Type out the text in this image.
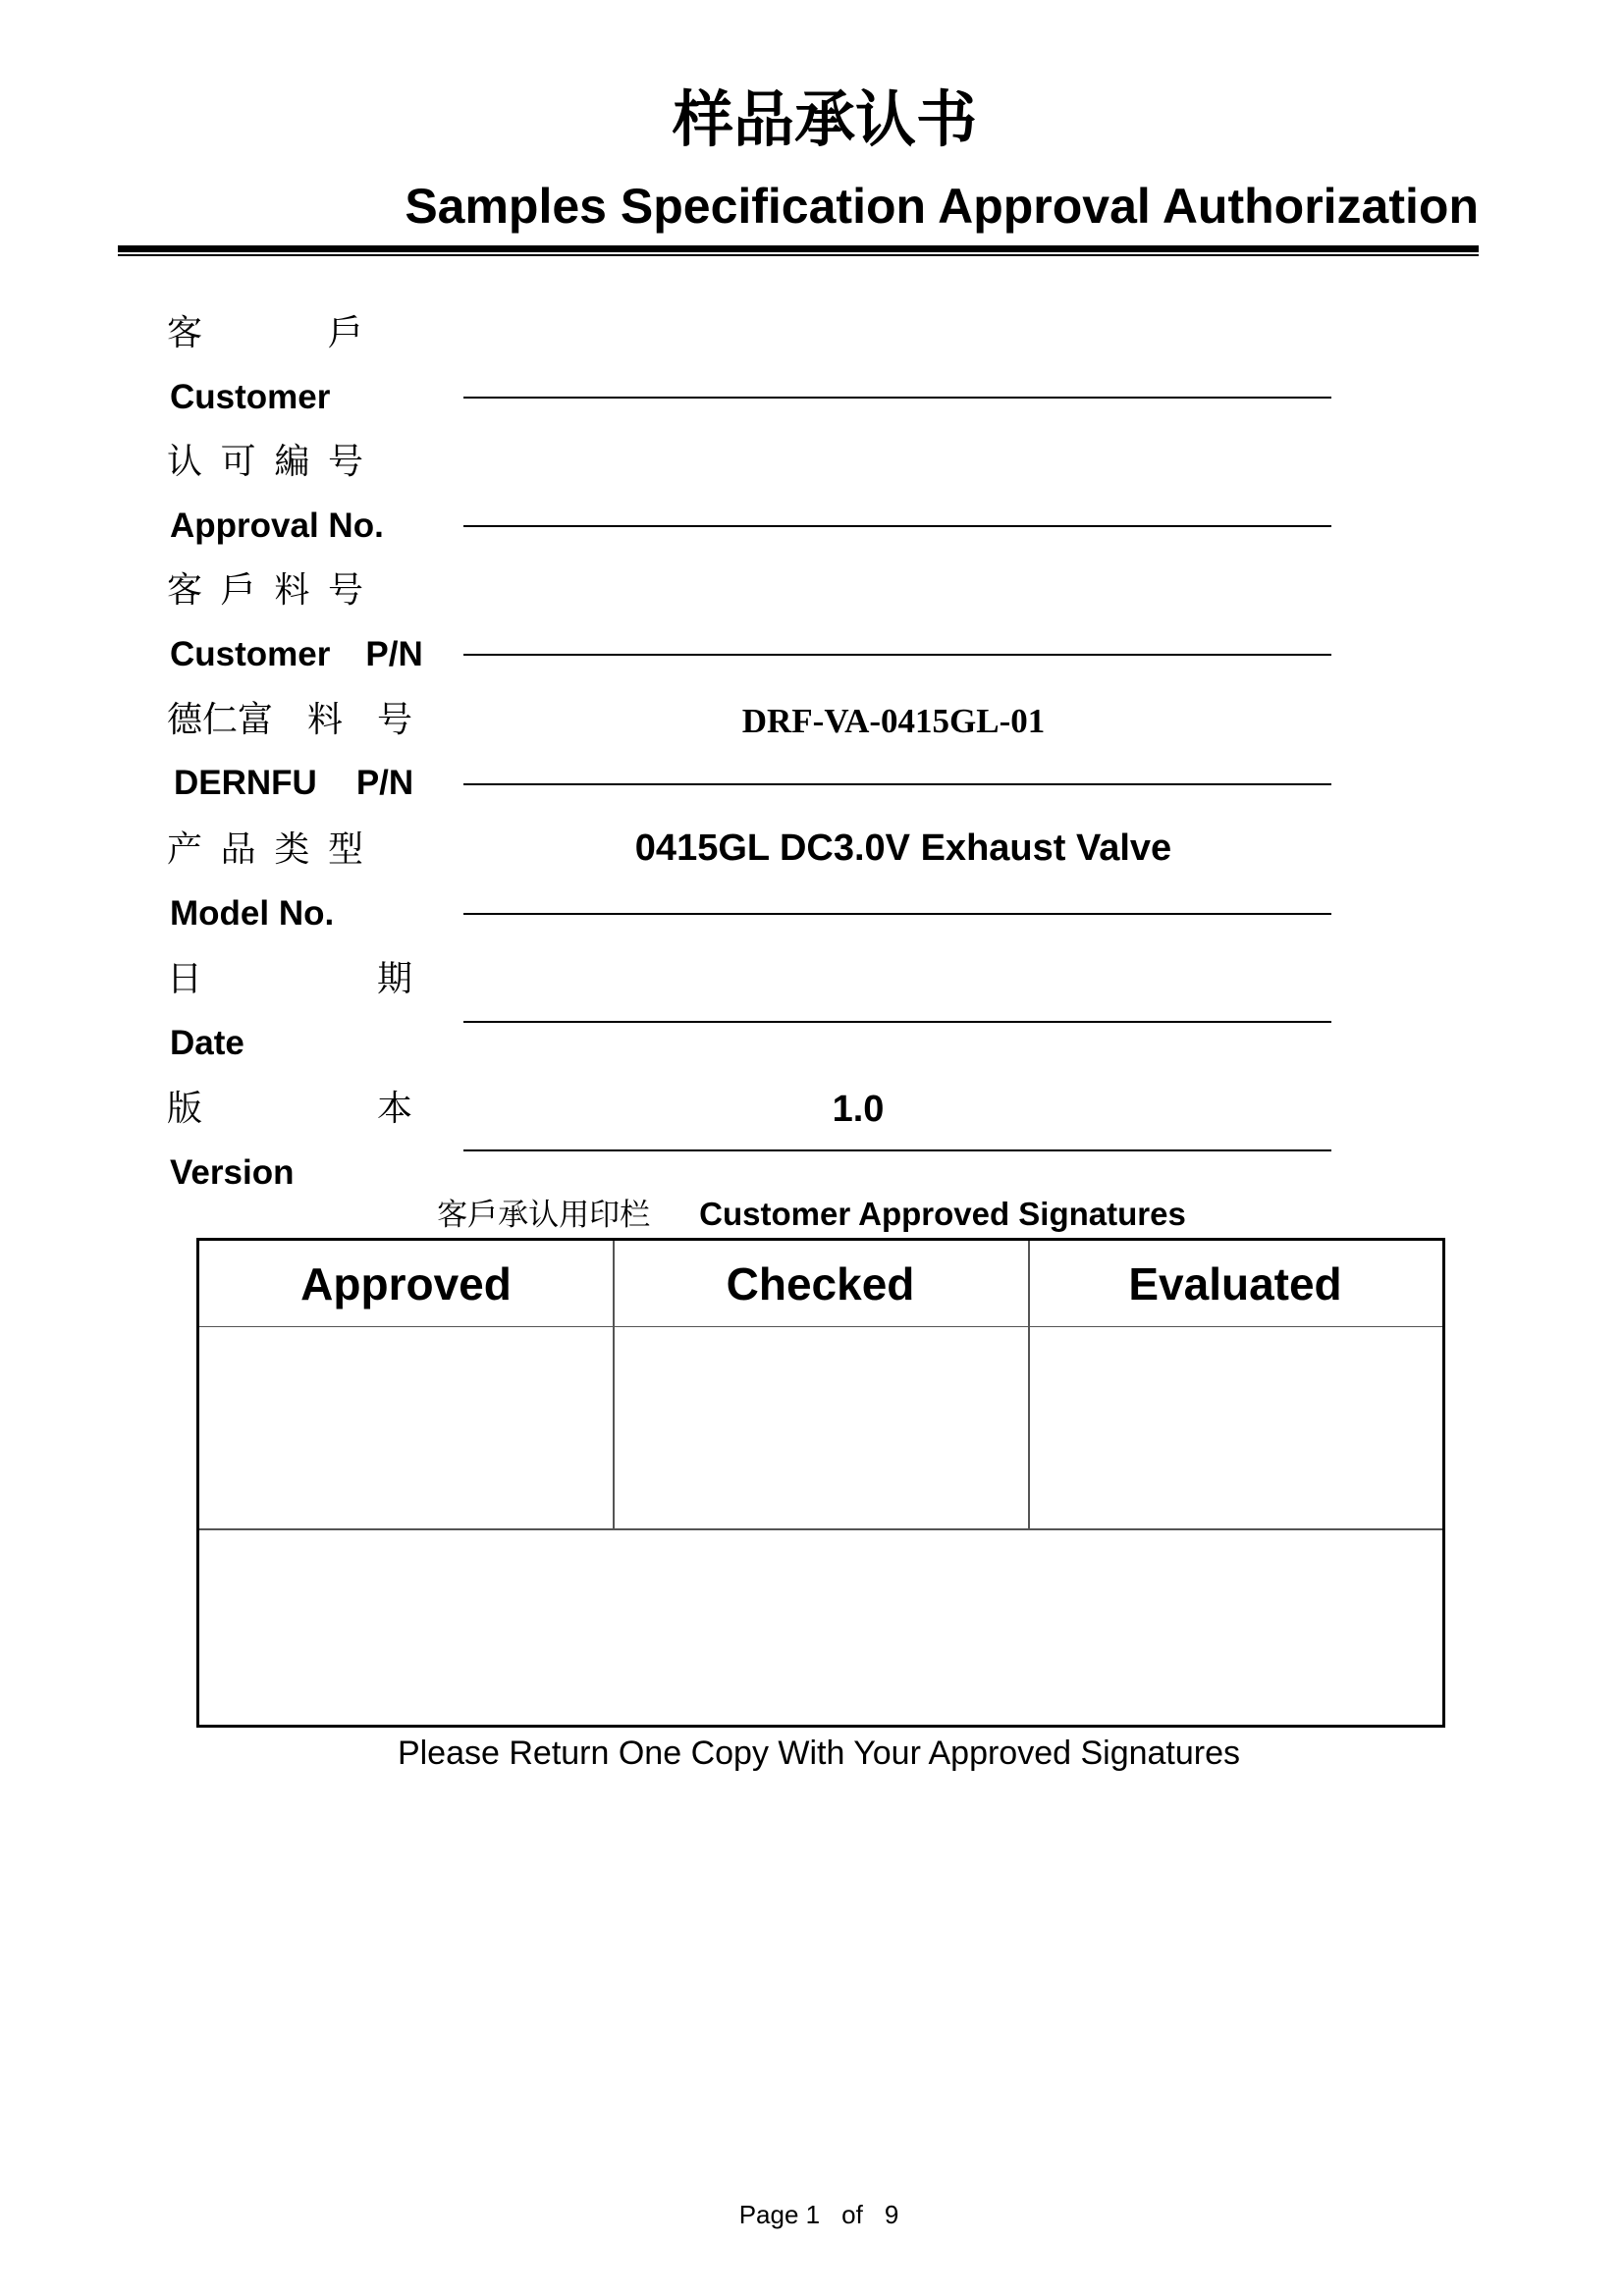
样品承认书
Samples Specification Approval Authorization
客	戶
Customer
认 可 編 号
Approval No.
客 戶 料 号
Customer P/N
德仁富 料 号
DERNFU P/N
DRF-VA-0415GL-01
产 品 类 型
Model No.
0415GL DC3.0V Exhaust Valve
日	期
Date
版	本
Version
1.0
客戶承认用印栏 Customer Approved Signatures
Approved	Checked	Evaluated
Please Return One Copy With Your Approved Signatures
Page 1 of 9
